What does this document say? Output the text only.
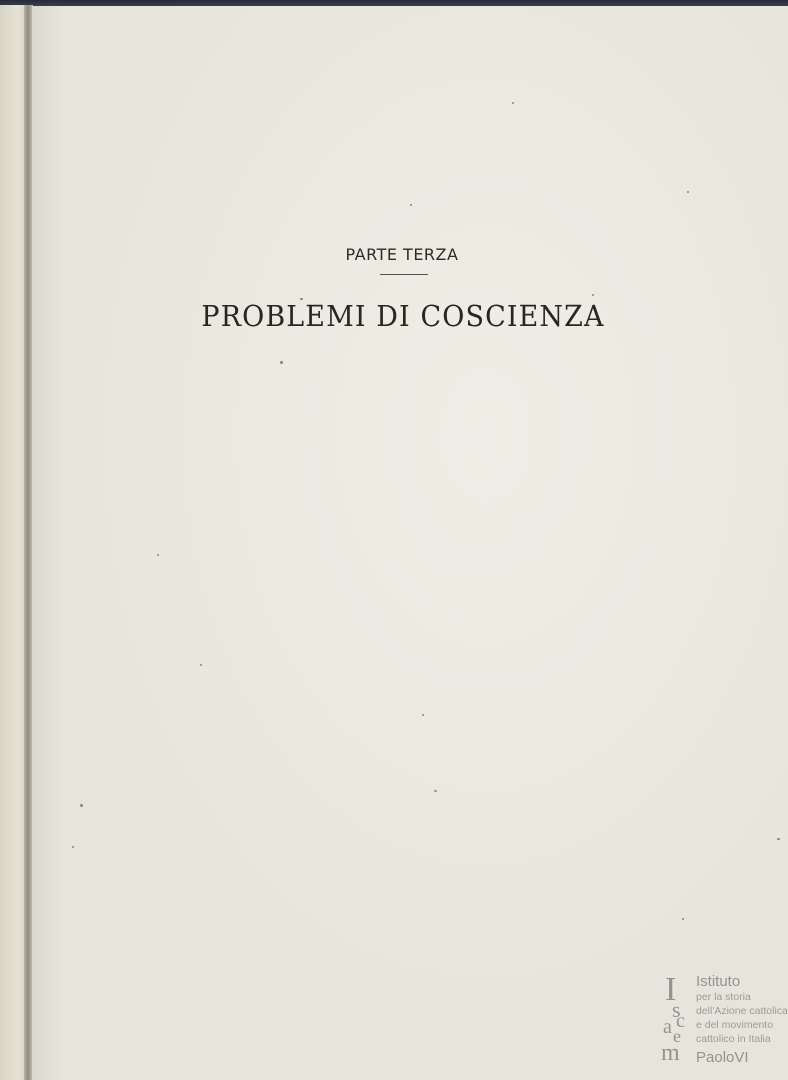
PARTE TERZA
PROBLEMI DI COSCIENZA
I
s
a e
c
m
Istituto
per la storia
dell'Azione cattolica
e del movimento
cattolico in Italia
PaoloVI
